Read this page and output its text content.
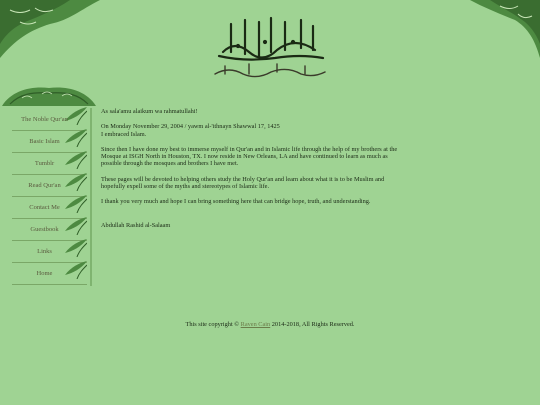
The Noble Qur'an
Basic Islam
Tumblr
Read Qur'an
Contact Me
Guestbook
Links
Home

As sala'amu alaikum wa rahmatullahi!

On Monday November 29, 2004 / yawm al-'ithnayn Shawwal 17, 1425
I embraced Islam.

Since then I have done my best to immerse myself in Qur'an and in Islamic life through the help of my brothers at the Mosque at ISGH North in Houston, TX. I now reside in New Orleans, LA and have continued to learn as much as possible through the mosques and brothers I have met.

These pages will be devoted to helping others study the Holy Qur'an and learn about what it is to be Muslim and hopefully expell some of the myths and stereotypes of Islamic life.

I thank you very much and hope I can bring something here that can bridge hope, truth, and understanding.

Abdullah Rashid al-Salaam

This site copyright © Raven Cain 2014-2018, All Rights Reserved.
